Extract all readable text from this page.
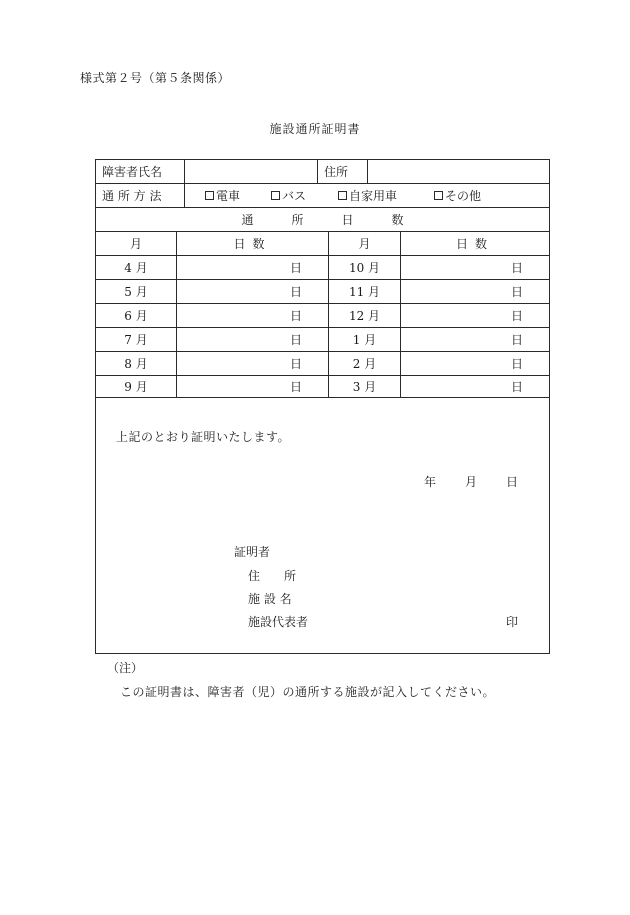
様式第２号（第５条関係）
施設通所証明書
障害者氏名	住所
通 所 方 法	電車	バス	自家用車	その他
通所日数
月	日数	月	日数
4 月	日	10 月	日
5 月	日	11 月	日
6 月	日	12 月	日
7 月	日	1 月	日
8 月	日	2 月	日
9 月	日	3 月	日
上記のとおり証明いたします。
年 月 日
証明者
住　　所
施 設 名
施設代表者	印
（注）
この証明書は、障害者（児）の通所する施設が記入してください。
